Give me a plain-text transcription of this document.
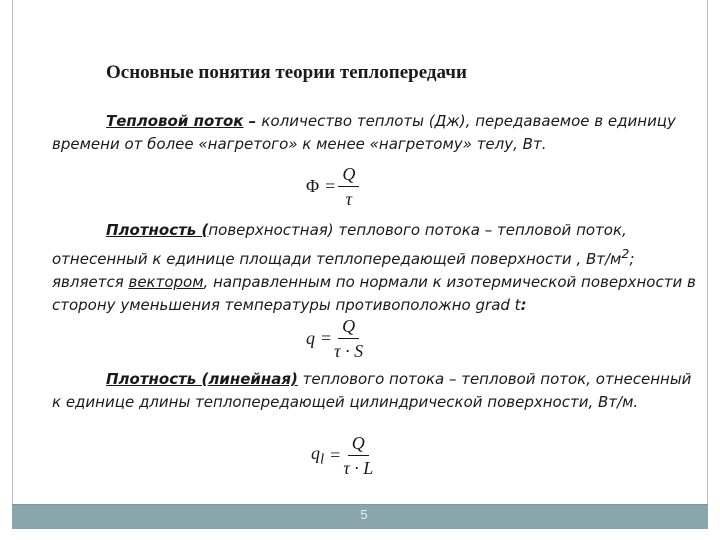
Основные понятия теории теплопередачи

Тепловой поток – количество теплоты (Дж), передаваемое в единицу времени от более «нагретого» к менее «нагретому» телу, Вт.

$\Phi = \frac{Q}{\tau}$

Плотность (поверхностная) теплового потока – тепловой поток, отнесенный к единице площади теплопередающей поверхности , $Вт/м^2$; является вектором, направленным по нормали к изотермической поверхности в сторону уменьшения температуры противоположно grad t:

$q = \frac{Q}{\tau \cdot S}$

Плотность (линейная) теплового потока – тепловой поток, отнесенный к единице длины теплопередающей цилиндрической поверхности, Вт/м.

$q_l = \frac{Q}{\tau \cdot L}$
5
